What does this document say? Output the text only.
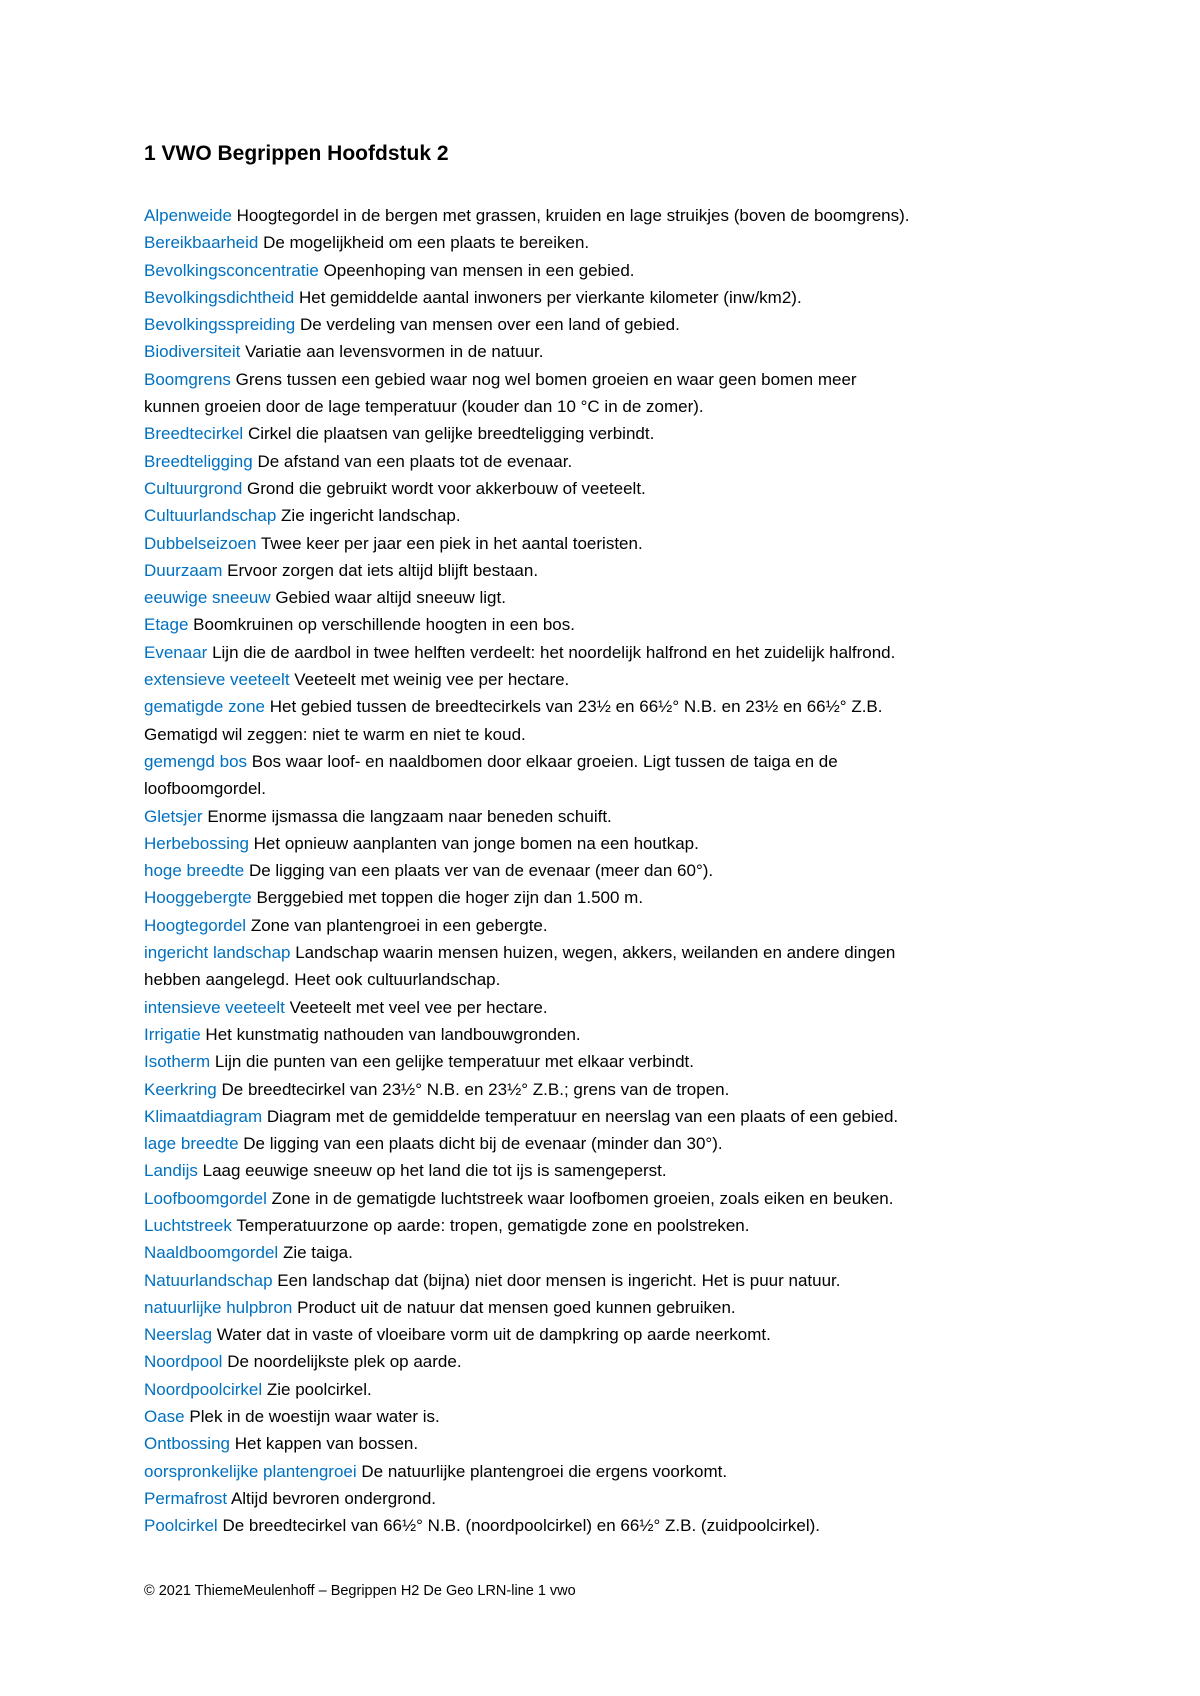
1 VWO Begrippen Hoofdstuk 2
Alpenweide Hoogtegordel in de bergen met grassen, kruiden en lage struikjes (boven de boomgrens).
Bereikbaarheid De mogelijkheid om een plaats te bereiken.
Bevolkingsconcentratie Opeenhoping van mensen in een gebied.
Bevolkingsdichtheid Het gemiddelde aantal inwoners per vierkante kilometer (inw/km2).
Bevolkingsspreiding De verdeling van mensen over een land of gebied.
Biodiversiteit Variatie aan levensvormen in de natuur.
Boomgrens Grens tussen een gebied waar nog wel bomen groeien en waar geen bomen meer
kunnen groeien door de lage temperatuur (kouder dan 10 °C in de zomer).
Breedtecirkel Cirkel die plaatsen van gelijke breedteligging verbindt.
Breedteligging De afstand van een plaats tot de evenaar.
Cultuurgrond Grond die gebruikt wordt voor akkerbouw of veeteelt.
Cultuurlandschap Zie ingericht landschap.
Dubbelseizoen Twee keer per jaar een piek in het aantal toeristen.
Duurzaam Ervoor zorgen dat iets altijd blijft bestaan.
eeuwige sneeuw Gebied waar altijd sneeuw ligt.
Etage Boomkruinen op verschillende hoogten in een bos.
Evenaar Lijn die de aardbol in twee helften verdeelt: het noordelijk halfrond en het zuidelijk halfrond.
extensieve veeteelt Veeteelt met weinig vee per hectare.
gematigde zone Het gebied tussen de breedtecirkels van 23½ en 66½° N.B. en 23½ en 66½° Z.B.
Gematigd wil zeggen: niet te warm en niet te koud.
gemengd bos Bos waar loof- en naaldbomen door elkaar groeien. Ligt tussen de taiga en de
loofboomgordel.
Gletsjer Enorme ijsmassa die langzaam naar beneden schuift.
Herbebossing Het opnieuw aanplanten van jonge bomen na een houtkap.
hoge breedte De ligging van een plaats ver van de evenaar (meer dan 60°).
Hooggebergte Berggebied met toppen die hoger zijn dan 1.500 m.
Hoogtegordel Zone van plantengroei in een gebergte.
ingericht landschap Landschap waarin mensen huizen, wegen, akkers, weilanden en andere dingen
hebben aangelegd. Heet ook cultuurlandschap.
intensieve veeteelt Veeteelt met veel vee per hectare.
Irrigatie Het kunstmatig nathouden van landbouwgronden.
Isotherm Lijn die punten van een gelijke temperatuur met elkaar verbindt.
Keerkring De breedtecirkel van 23½° N.B. en 23½° Z.B.; grens van de tropen.
Klimaatdiagram Diagram met de gemiddelde temperatuur en neerslag van een plaats of een gebied.
lage breedte De ligging van een plaats dicht bij de evenaar (minder dan 30°).
Landijs Laag eeuwige sneeuw op het land die tot ijs is samengeperst.
Loofboomgordel Zone in de gematigde luchtstreek waar loofbomen groeien, zoals eiken en beuken.
Luchtstreek Temperatuurzone op aarde: tropen, gematigde zone en poolstreken.
Naaldboomgordel Zie taiga.
Natuurlandschap Een landschap dat (bijna) niet door mensen is ingericht. Het is puur natuur.
natuurlijke hulpbron Product uit de natuur dat mensen goed kunnen gebruiken.
Neerslag Water dat in vaste of vloeibare vorm uit de dampkring op aarde neerkomt.
Noordpool De noordelijkste plek op aarde.
Noordpoolcirkel Zie poolcirkel.
Oase Plek in de woestijn waar water is.
Ontbossing Het kappen van bossen.
oorspronkelijke plantengroei De natuurlijke plantengroei die ergens voorkomt.
Permafrost Altijd bevroren ondergrond.
Poolcirkel De breedtecirkel van 66½° N.B. (noordpoolcirkel) en 66½° Z.B. (zuidpoolcirkel).
© 2021 ThiemeMeulenhoff – Begrippen H2 De Geo LRN-line 1 vwo
